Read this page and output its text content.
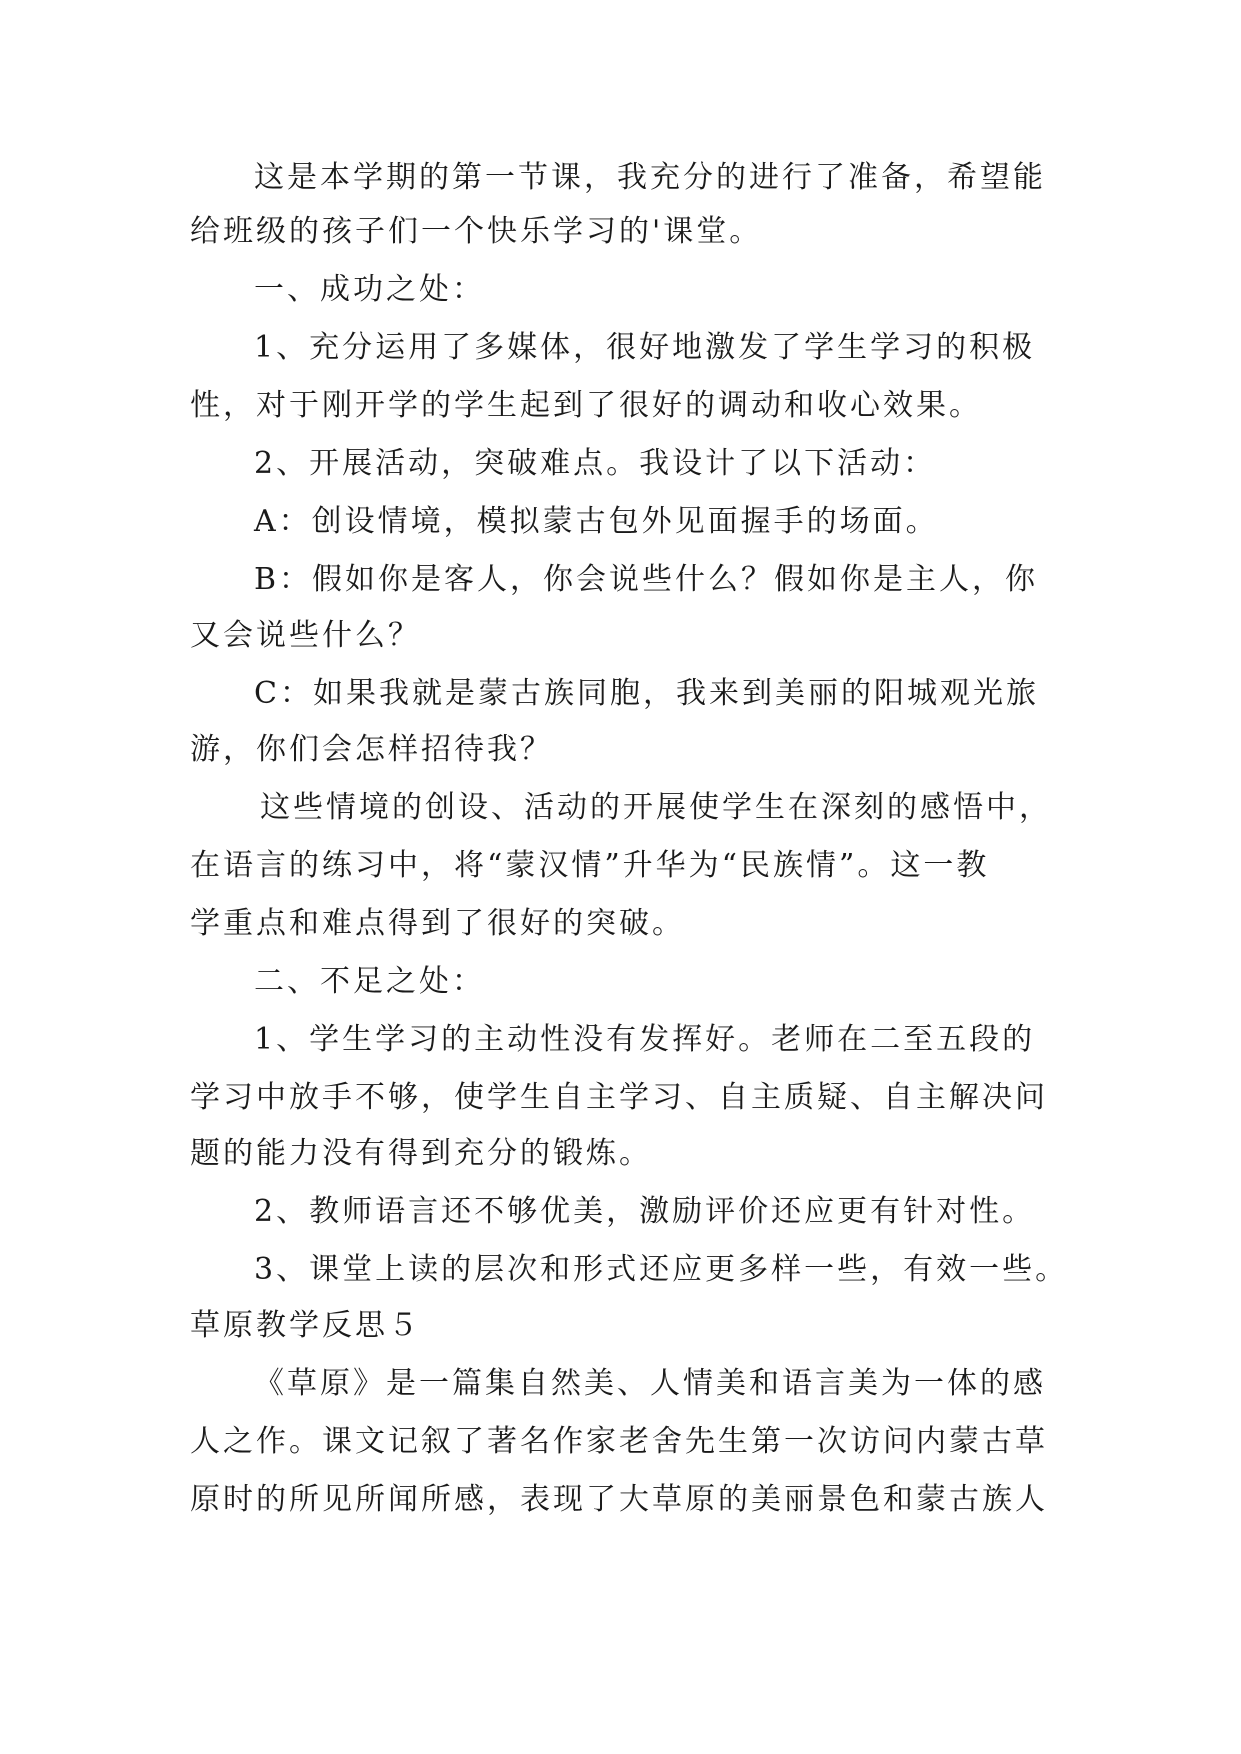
这是本学期的第一节课，我充分的进行了准备，希望能
给班级的孩子们一个快乐学习的'课堂。
一、成功之处：
1、充分运用了多媒体，很好地激发了学生学习的积极
性，对于刚开学的学生起到了很好的调动和收心效果。
2、开展活动，突破难点。我设计了以下活动：
A：创设情境，模拟蒙古包外见面握手的场面。
B：假如你是客人，你会说些什么？假如你是主人，你
又会说些什么？
C：如果我就是蒙古族同胞，我来到美丽的阳城观光旅
游，你们会怎样招待我？
这些情境的创设、活动的开展使学生在深刻的感悟中，
在语言的练习中，将“蒙汉情”升华为“民族情”。这一教
学重点和难点得到了很好的突破。
二、不足之处：
1、学生学习的主动性没有发挥好。老师在二至五段的
学习中放手不够，使学生自主学习、自主质疑、自主解决问
题的能力没有得到充分的锻炼。
2、教师语言还不够优美，激励评价还应更有针对性。
3、课堂上读的层次和形式还应更多样一些，有效一些。
草原教学反思５
《草原》是一篇集自然美、人情美和语言美为一体的感
人之作。课文记叙了著名作家老舍先生第一次访问内蒙古草
原时的所见所闻所感，表现了大草原的美丽景色和蒙古族人
